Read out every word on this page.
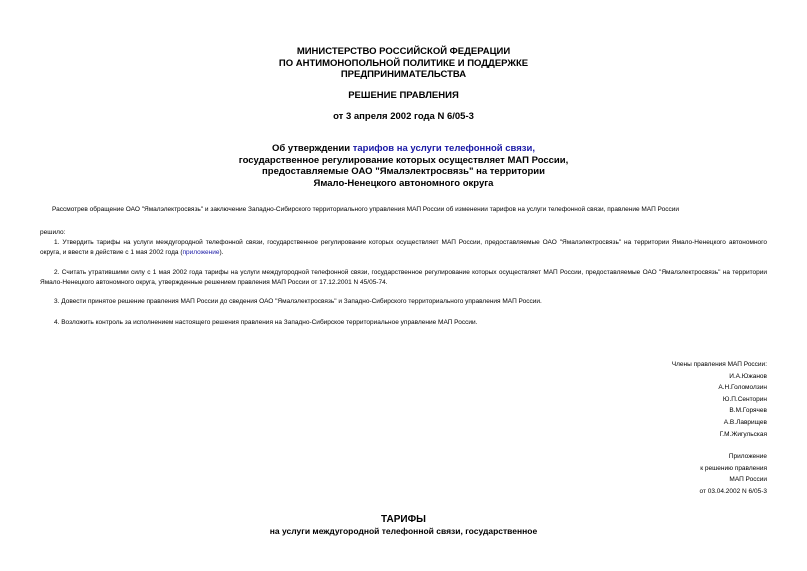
МИНИСТЕРСТВО РОССИЙСКОЙ ФЕДЕРАЦИИ
ПО АНТИМОНОПОЛЬНОЙ ПОЛИТИКЕ И ПОДДЕРЖКЕ
ПРЕДПРИНИМАТЕЛЬСТВА
РЕШЕНИЕ ПРАВЛЕНИЯ
от 3 апреля 2002 года N 6/05-3
Об утверждении тарифов на услуги телефонной связи,
государственное регулирование которых осуществляет МАП России,
предоставляемые ОАО "Ямалэлектросвязь" на территории
Ямало-Ненецкого автономного округа
Рассмотрев обращение ОАО "Ямалэлектросвязь" и заключение Западно-Сибирского территориального управления МАП России об изменении тарифов на услуги телефонной связи, правление МАП России
решило:
1. Утвердить тарифы на услуги междугородной телефонной связи, государственное регулирование которых осуществляет МАП России, предоставляемые ОАО "Ямалэлектросвязь" на территории Ямало-Ненецкого автономного округа, и ввести в действие с 1 мая 2002 года (приложение).
2. Считать утратившими силу с 1 мая 2002 года тарифы на услуги междугородной телефонной связи, государственное регулирование которых осуществляет МАП России, предоставляемые ОАО "Ямалэлектросвязь" на территории Ямало-Ненецкого автономного округа, утвержденные решением правления МАП России от 17.12.2001 N 45/05-74.
3. Довести принятое решение правления МАП России до сведения ОАО "Ямалэлектросвязь" и Западно-Сибирского территориального управления МАП России.
4. Возложить контроль за исполнением настоящего решения правления на Западно-Сибирское территориальное управление МАП России.
Члены правления МАП России:
И.А.Южанов
А.Н.Голомолзин
Ю.П.Сенторин
В.М.Горячев
А.В.Лаврищев
Г.М.Жигульская
Приложение
к решению правления
МАП России
от 03.04.2002 N 6/05-3
ТАРИФЫ
на услуги междугородной телефонной связи, государственное
